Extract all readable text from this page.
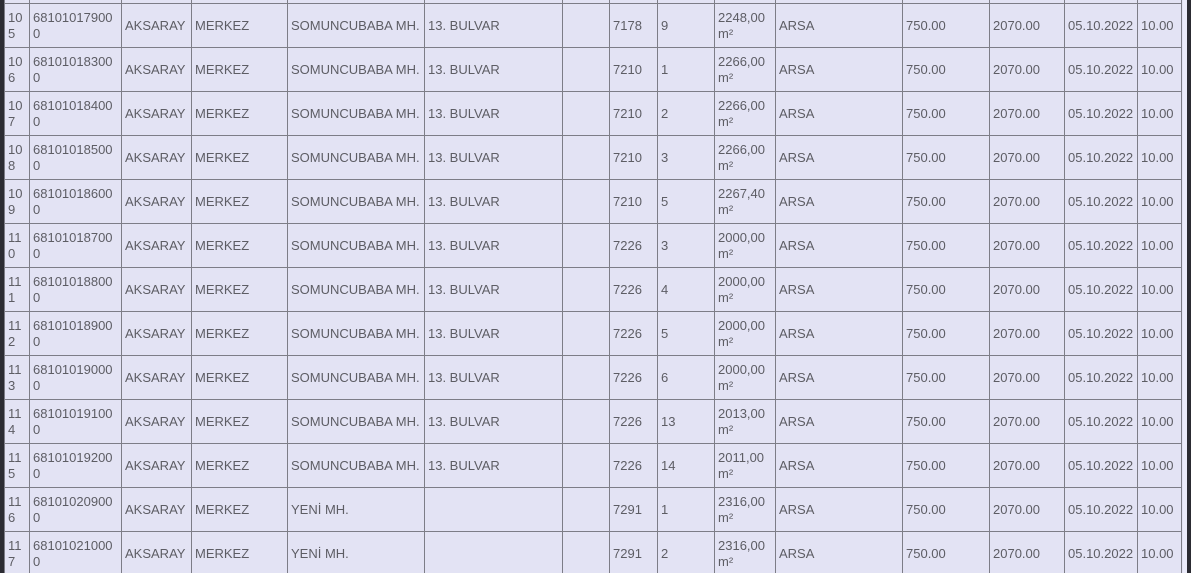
105	681010179000	AKSARAY	MERKEZ	SOMUNCUBABA MH.	13. BULVAR		7178	9	2248,00 m²	ARSA	750.00	2070.00	05.10.2022	10.00
106	681010183000	AKSARAY	MERKEZ	SOMUNCUBABA MH.	13. BULVAR		7210	1	2266,00 m²	ARSA	750.00	2070.00	05.10.2022	10.00
107	681010184000	AKSARAY	MERKEZ	SOMUNCUBABA MH.	13. BULVAR		7210	2	2266,00 m²	ARSA	750.00	2070.00	05.10.2022	10.00
108	681010185000	AKSARAY	MERKEZ	SOMUNCUBABA MH.	13. BULVAR		7210	3	2266,00 m²	ARSA	750.00	2070.00	05.10.2022	10.00
109	681010186000	AKSARAY	MERKEZ	SOMUNCUBABA MH.	13. BULVAR		7210	5	2267,40 m²	ARSA	750.00	2070.00	05.10.2022	10.00
110	681010187000	AKSARAY	MERKEZ	SOMUNCUBABA MH.	13. BULVAR		7226	3	2000,00 m²	ARSA	750.00	2070.00	05.10.2022	10.00
111	681010188000	AKSARAY	MERKEZ	SOMUNCUBABA MH.	13. BULVAR		7226	4	2000,00 m²	ARSA	750.00	2070.00	05.10.2022	10.00
112	681010189000	AKSARAY	MERKEZ	SOMUNCUBABA MH.	13. BULVAR		7226	5	2000,00 m²	ARSA	750.00	2070.00	05.10.2022	10.00
113	681010190000	AKSARAY	MERKEZ	SOMUNCUBABA MH.	13. BULVAR		7226	6	2000,00 m²	ARSA	750.00	2070.00	05.10.2022	10.00
114	681010191000	AKSARAY	MERKEZ	SOMUNCUBABA MH.	13. BULVAR		7226	13	2013,00 m²	ARSA	750.00	2070.00	05.10.2022	10.00
115	681010192000	AKSARAY	MERKEZ	SOMUNCUBABA MH.	13. BULVAR		7226	14	2011,00 m²	ARSA	750.00	2070.00	05.10.2022	10.00
116	681010209000	AKSARAY	MERKEZ	YENİ MH.			7291	1	2316,00 m²	ARSA	750.00	2070.00	05.10.2022	10.00
117	681010210000	AKSARAY	MERKEZ	YENİ MH.			7291	2	2316,00 m²	ARSA	750.00	2070.00	05.10.2022	10.00
